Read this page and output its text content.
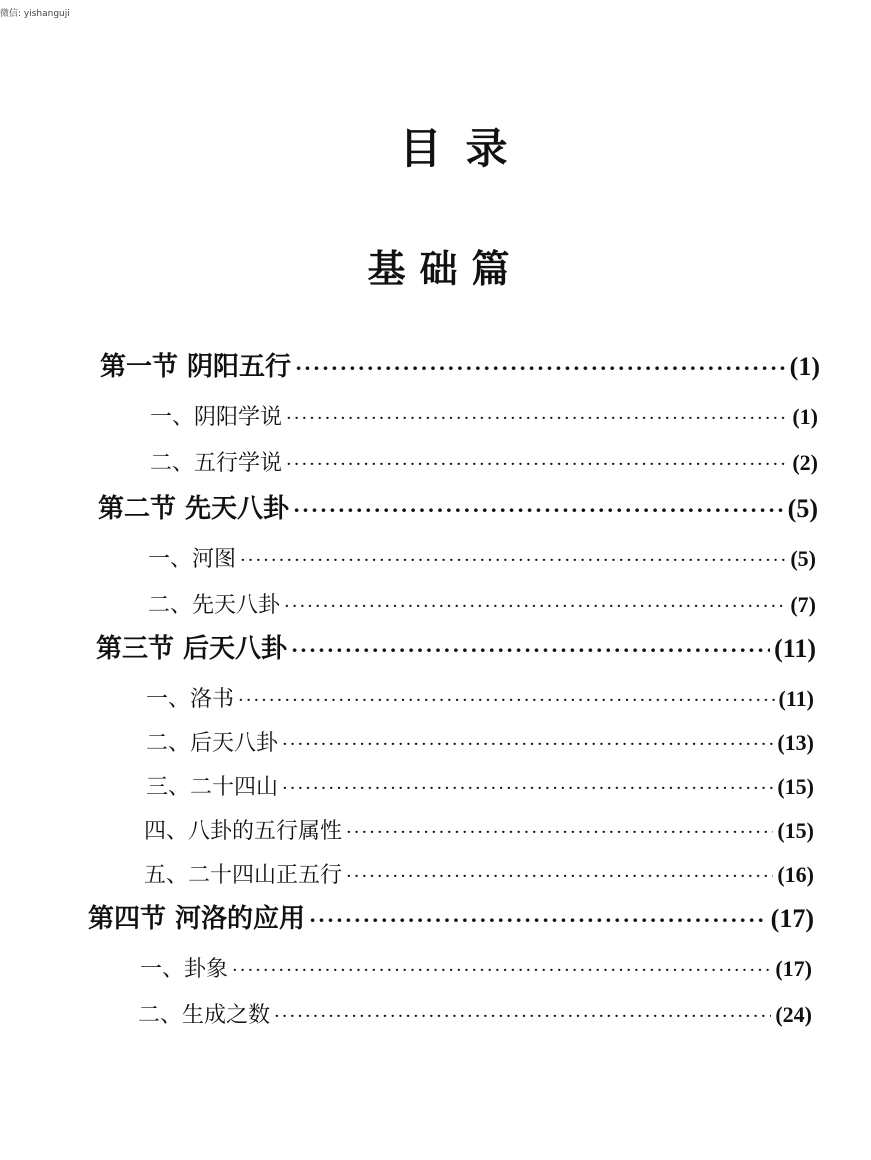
微信: yishanguji
目录
基础篇
第一节 阴阳五行 ·····	(1)
一、阴阳学说 ·····	(1)
二、五行学说 ·····	(2)
第二节 先天八卦 ·····	(5)
一、河图 ·····	(5)
二、先天八卦 ·····	(7)
第三节 后天八卦 ·····	(11)
一、洛书 ·····	(11)
二、后天八卦 ·····	(13)
三、二十四山 ·····	(15)
四、八卦的五行属性 ·····	(15)
五、二十四山正五行 ·····	(16)
第四节 河洛的应用 ·····	(17)
一、卦象 ·····	(17)
二、生成之数 ·····	(24)
